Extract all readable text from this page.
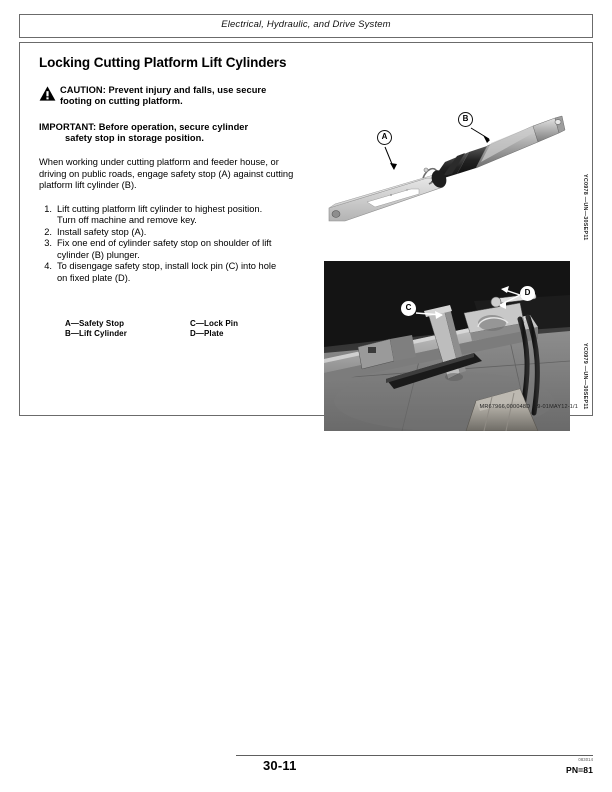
Electrical, Hydraulic, and Drive System
Locking Cutting Platform Lift Cylinders
CAUTION: Prevent injury and falls, use secure
footing on cutting platform.
IMPORTANT: Before operation, secure cylinder
safety stop in storage position.
When working under cutting platform and feeder house, or driving on public roads, engage safety stop (A) against cutting platform lift cylinder (B).
1. Lift cutting platform lift cylinder to highest position.
Turn off machine and remove key.
2. Install safety stop (A).
3. Fix one end of cylinder safety stop on shoulder of lift
cylinder (B) plunger.
4. To disengage safety stop, install lock pin (C) into hole
on fixed plate (D).
A—Safety Stop	C—Lock Pin
B—Lift Cylinder	D—Plate
A
B
YC0978 —UN—30SEP11
C
D
YC0979 —UN—30SEP11
MR67966,000048D -19-01MAY12-1/1
30-11	083014
PN=81
